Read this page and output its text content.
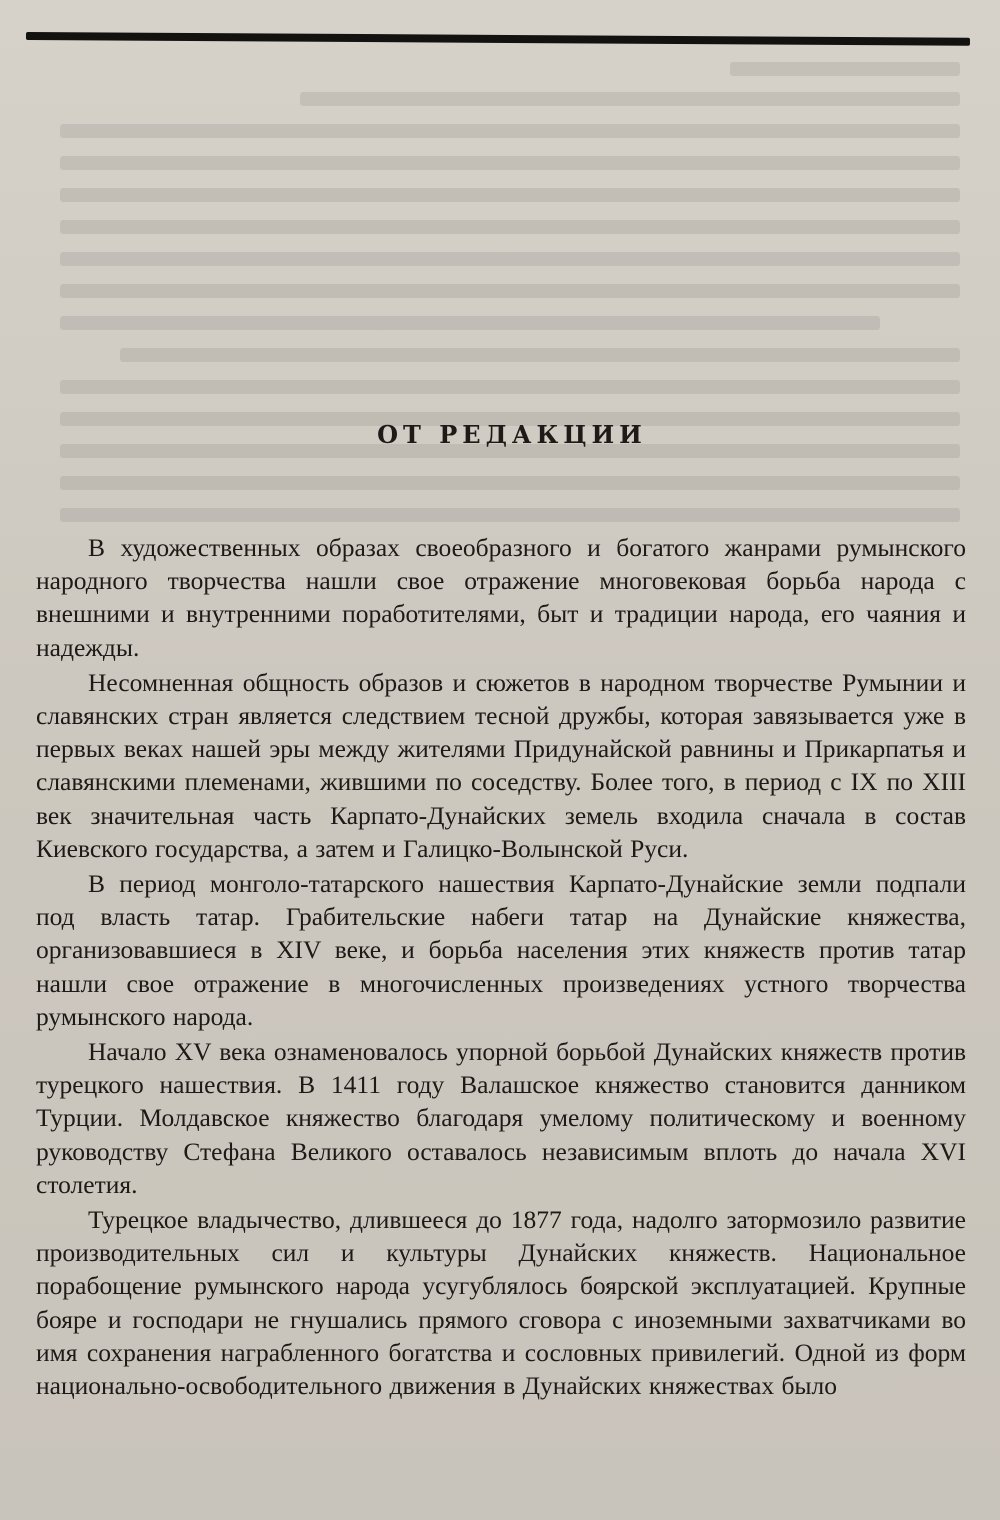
ОТ РЕДАКЦИИ

В художественных образах своеобразного и богатого жанрами румынского народного творчества нашли свое отражение многовековая борьба народа с внешними и внутренними поработителями, быт и традиции народа, его чаяния и надежды.

Несомненная общность образов и сюжетов в народном творчестве Румынии и славянских стран является следствием тесной дружбы, которая завязывается уже в первых веках нашей эры между жителями Придунайской равнины и Прикарпатья и славянскими племенами, жившими по соседству. Более того, в период с IX по XIII век значительная часть Карпато-Дунайских земель входила сначала в состав Киевского государства, а затем и Галицко-Волынской Руси.

В период монголо-татарского нашествия Карпато-Дунайские земли подпали под власть татар. Грабительские набеги татар на Дунайские княжества, организовавшиеся в XIV веке, и борьба населения этих княжеств против татар нашли свое отражение в многочисленных произведениях устного творчества румынского народа.

Начало XV века ознаменовалось упорной борьбой Дунайских княжеств против турецкого нашествия. В 1411 году Валашское княжество становится данником Турции. Молдавское княжество благодаря умелому политическому и военному руководству Стефана Великого оставалось независимым вплоть до начала XVI столетия.

Турецкое владычество, длившееся до 1877 года, надолго затормозило развитие производительных сил и культуры Дунайских княжеств. Национальное порабощение румынского народа усугублялось боярской эксплуатацией. Крупные бояре и господари не гнушались прямого сговора с иноземными захватчиками во имя сохранения награбленного богатства и сословных привилегий. Одной из форм национально-освободительного движения в Дунайских княжествах было
